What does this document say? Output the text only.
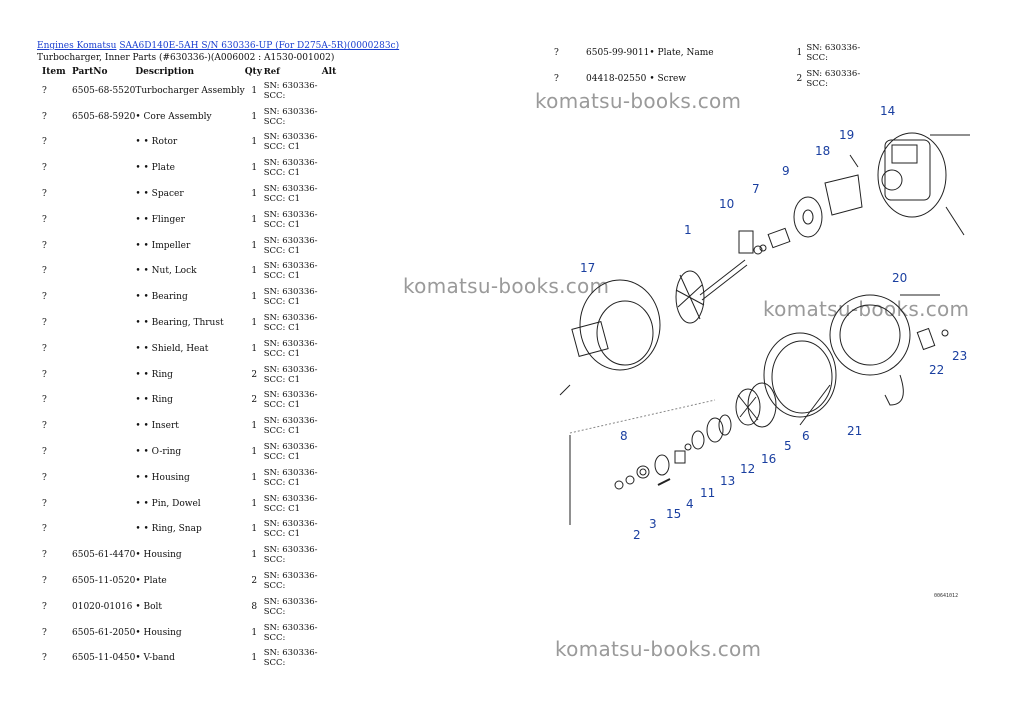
Engines Komatsu SAA6D140E-5AH S/N 630336-UP (For D275A-5R)(0000283c)
Turbocharger, Inner Parts (#630336-)(A006002 : A1530-001002)
Item	PartNo	Description	Qty	Ref	Alt
?	6505-68-5520	Turbocharger Assembly	1	SN: 630336-SCC:	
?	6505-68-5920	• Core Assembly	1	SN: 630336-SCC:	
?		• • Rotor	1	SN: 630336-SCC: C1	
?		• • Plate	1	SN: 630336-SCC: C1	
?		• • Spacer	1	SN: 630336-SCC: C1	
?		• • Flinger	1	SN: 630336-SCC: C1	
?		• • Impeller	1	SN: 630336-SCC: C1	
?		• • Nut, Lock	1	SN: 630336-SCC: C1	
?		• • Bearing	1	SN: 630336-SCC: C1	
?		• • Bearing, Thrust	1	SN: 630336-SCC: C1	
?		• • Shield, Heat	1	SN: 630336-SCC: C1	
?		• • Ring	2	SN: 630336-SCC: C1	
?		• • Ring	2	SN: 630336-SCC: C1	
?		• • Insert	1	SN: 630336-SCC: C1	
?		• • O-ring	1	SN: 630336-SCC: C1	
?		• • Housing	1	SN: 630336-SCC: C1	
?		• • Pin, Dowel	1	SN: 630336-SCC: C1	
?		• • Ring, Snap	1	SN: 630336-SCC: C1	
?	6505-61-4470	• Housing	1	SN: 630336-SCC:	
?	6505-11-0520	• Plate	2	SN: 630336-SCC:	
?	01020-01016	• Bolt	8	SN: 630336-SCC:	
?	6505-61-2050	• Housing	1	SN: 630336-SCC:	
?	6505-11-0450	• V-band	1	SN: 630336-SCC:	
?	6505-99-9011	• Plate, Name	1	SN: 630336-SCC:	
?	04418-02550	• Screw	2	SN: 630336-SCC:	
komatsu-books.com
komatsu-books.com
komatsu-books.com
komatsu-books.com
1
2
3
4
5
6
7
8
9
10
11
12
13
14
15
16
17
18
19
20
21
22
23
00641012
